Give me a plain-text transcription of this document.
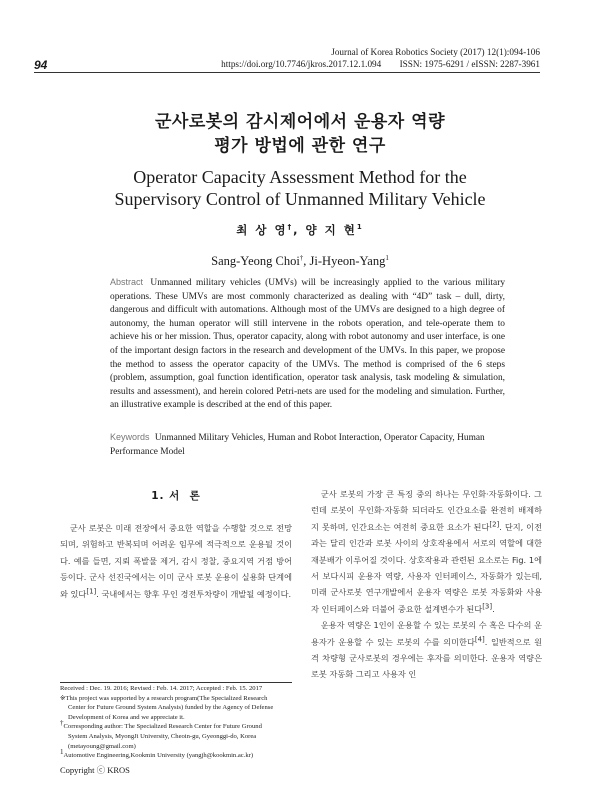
94
Journal of Korea Robotics Society (2017) 12(1):094-106
https://doi.org/10.7746/jkros.2017.12.1.094        ISSN: 1975-6291 / eISSN: 2287-3961
군사로봇의 감시제어에서 운용자 역량
평가 방법에 관한 연구
Operator Capacity Assessment Method for the
Supervisory Control of Unmanned Military Vehicle
최 상 영†, 양 지 현$^1$
Sang-Yeong Choi†, Ji-Hyeon-Yang$^1$
Abstract Unmanned military vehicles (UMVs) will be increasingly applied to the various military operations. These UMVs are most commonly characterized as dealing with “4D” task – dull, dirty, dangerous and difficult with automations. Although most of the UMVs are designed to a high degree of autonomy, the human operator will still intervene in the robots operation, and tele-operate them to achieve his or her mission. Thus, operator capacity, along with robot autonomy and user interface, is one of the important design factors in the research and development of the UMVs. In this paper, we propose the method to assess the operator capacity of the UMVs. The method is comprised of the 6 steps (problem, assumption, goal function identification, operator task analysis, task modeling & simulation, results and assessment), and herein colored Petri-nets are used for the modeling and simulation. Further, an illustrative example is described at the end of this paper.
Keywords Unmanned Military Vehicles, Human and Robot Interaction, Operator Capacity, Human Performance Model
1. 서  론

군사 로봇은 미래 전장에서 중요한 역할을 수행할 것으로 전망되며, 위험하고 반복되며 어려운 임무에 적극적으로 운용될 것이다. 예를 들면, 지뢰 폭발물 제거, 감시 정찰, 중요지역 거점 방어 등이다. 군사 선진국에서는 이미 군사 로봇 운용이 실용화 단계에 와 있다[1]. 국내에서는 향후 무인 경전투차량이 개발될 예정이다.

군사 로봇의 가장 큰 특징 중의 하나는 무인화·자동화이다. 그런데 로봇이 무인화·자동화 되더라도 인간요소를 완전히 배제하지 못하며, 인간요소는 여전히 중요한 요소가 된다[2]. 단지, 이전과는 달리 인간과 로봇 사이의 상호작용에서 서로의 역할에 대한 재분배가 이루어질 것이다. 상호작용과 관련된 요소로는 Fig. 1에서 보다시피 운용자 역량, 사용자 인터페이스, 자동화가 있는데, 미래 군사로봇 연구개발에서 운용자 역량은 로봇 자동화와 사용자 인터페이스와 더불어 중요한 설계변수가 된다[3].

운용자 역량은 1인이 운용할 수 있는 로봇의 수 혹은 다수의 운용자가 운용할 수 있는 로봇의 수를 의미한다[4]. 일반적으로 원격 차량형 군사로봇의 경우에는 후자를 의미한다. 운용자 역량은 로봇 자동화 그리고 사용자 인

Received : Dec. 19. 2016; Revised : Feb. 14. 2017; Accepted : Feb. 15. 2017

※This project was supported by a research program(The Specialized Research

Center for Future Ground System Analysis) funded by the Agency of Defense

Development of Korea and we appreciate it.

†Corresponding author: The Specialized Research Center for Future Ground

System Analysis, MyongJi University, Cheoin-gu, Gyeonggi-do, Korea

(metayoung@gmail.com)

$^1$Automotive Engineering,Kookmin University (yangjh@kookmin.ac.kr)

Copyright ⓒ KROS
